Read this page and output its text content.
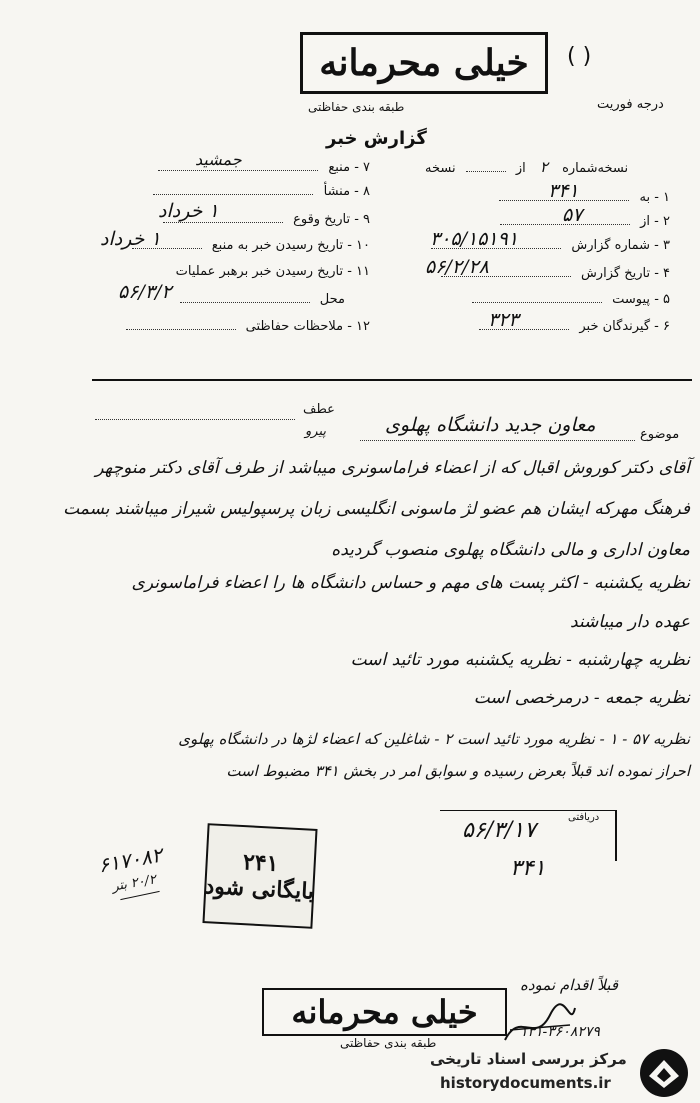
خیلی محرمانه	( )
طبقه بندی حفاظتی	درجه فوریت
گزارش خبر
نسخه‌شماره ۲ از  نسخه
۱ - به
۳۴۱
۲ - از
۵۷
۳ - شماره گزارش
۳۰۵/۱۵۱۹۱
۴ - تاریخ گزارش
۵۶/۲/۲۸
۵ - پیوست
۶ - گیرندگان خبر
۳۲۳
۷ - منبع
جمشید
۸ - منشأ
۹ - تاریخ وقوع
۱ خرداد
۱۰ - تاریخ رسیدن خبر به منبع
۱ خرداد
۱۱ - تاریخ رسیدن خبر برهبر عملیات
محل
۵۶/۳/۲
۱۲ - ملاحظات حفاظتی
عطف
پیرو	موضوع
معاون جدید دانشگاه پهلوی
آقای دکتر کوروش اقبال که از اعضاء فراماسونری میباشد از طرف آقای دکتر منوچهر
فرهنگ مهرکه ایشان هم عضو لژ ماسونی انگلیسی زبان پرسپولیس شیراز میباشند بسمت
معاون اداری و مالی دانشگاه پهلوی منصوب گردیده
نظریه یکشنبه - اکثر پست های مهم و حساس دانشگاه ها را اعضاء فراماسونری
عهده دار میباشند
نظریه چهارشنبه - نظریه یکشنبه مورد تائید است
نظریه جمعه - درمرخصی است
نظریه ۵۷ - ۱ - نظریه مورد تائید است ۲ - شاغلین که اعضاء لژها در دانشگاه پهلوی
احراز نموده اند قبلاً بعرض رسیده و سوابق امر در بخش ۳۴۱ مضبوط است
۶۱۷۰۸۲
۲۰/۲ بتر
۲۴۱
بایگانی شود
دریافتی
۵۶/۳/۱۷
۳۴۱
قبلاً اقدام نموده
خیلی محرمانه
طبقه بندی حفاظتی
۱۳۱-۳۶۰۸۲۷۹
مرکز بررسی اسناد تاریخی
historydocuments.ir
